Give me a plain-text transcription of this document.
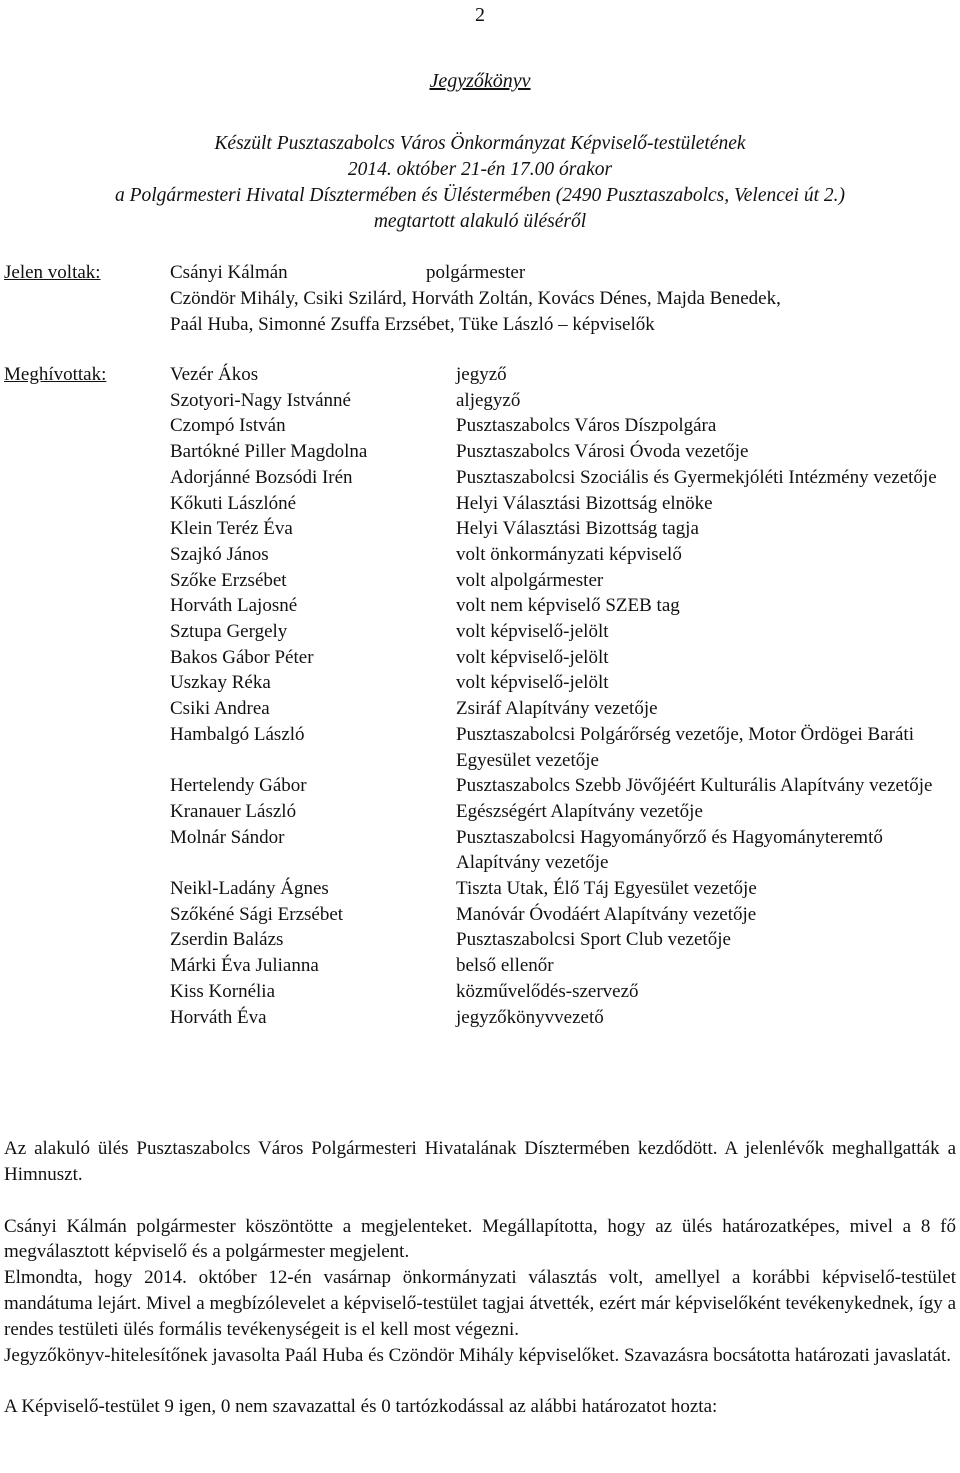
2
Jegyzőkönyv
Készült Pusztaszabolcs Város Önkormányzat Képviselő-testületének
2014. október 21-én 17.00 órakor
a Polgármesteri Hivatal Dísztermében és Üléstermében (2490 Pusztaszabolcs, Velencei út 2.)
megtartott alakuló üléséről
Jelen voltak:	Csányi Kálmán	polgármester
Czöndör Mihály, Csiki Szilárd, Horváth Zoltán, Kovács Dénes, Majda Benedek,
Paál Huba, Simonné Zsuffa Erzsébet, Tüke László – képviselők
Meghívottak:	Vezér Ákos	jegyző
Szotyori-Nagy Istvánné	aljegyző
Czompó István	Pusztaszabolcs Város Díszpolgára
Bartókné Piller Magdolna	Pusztaszabolcs Városi Óvoda vezetője
Adorjánné Bozsódi Irén	Pusztaszabolcsi Szociális és Gyermekjóléti Intézmény vezetője
Kőkuti Lászlóné	Helyi Választási Bizottság elnöke
Klein Teréz Éva	Helyi Választási Bizottság tagja
Szajkó János	volt önkormányzati képviselő
Szőke Erzsébet	volt alpolgármester
Horváth Lajosné	volt nem képviselő SZEB tag
Sztupa Gergely	volt képviselő-jelölt
Bakos Gábor Péter	volt képviselő-jelölt
Uszkay Réka	volt képviselő-jelölt
Csiki Andrea	Zsiráf Alapítvány vezetője
Hambalgó László	Pusztaszabolcsi Polgárőrség vezetője, Motor Ördögei Baráti Egyesület vezetője
Hertelendy Gábor	Pusztaszabolcs Szebb Jövőjéért Kulturális Alapítvány vezetője
Kranauer László	Egészségért Alapítvány vezetője
Molnár Sándor	Pusztaszabolcsi Hagyományőrző és Hagyományteremtő Alapítvány vezetője
Neikl-Ladány Ágnes	Tiszta Utak, Élő Táj Egyesület vezetője
Szőkéné Sági Erzsébet	Manóvár Óvodáért Alapítvány vezetője
Zserdin Balázs	Pusztaszabolcsi Sport Club vezetője
Márki Éva Julianna	belső ellenőr
Kiss Kornélia	közművelődés-szervező
Horváth Éva	jegyzőkönyvvezető

Az alakuló ülés Pusztaszabolcs Város Polgármesteri Hivatalának Dísztermében kezdődött. A jelenlévők meghallgatták a Himnuszt.

Csányi Kálmán polgármester köszöntötte a megjelenteket. Megállapította, hogy az ülés határozatképes, mivel a 8 fő megválasztott képviselő és a polgármester megjelent.

Elmondta, hogy 2014. október 12-én vasárnap önkormányzati választás volt, amellyel a korábbi képviselő-testület mandátuma lejárt. Mivel a megbízólevelet a képviselő-testület tagjai átvették, ezért már képviselőként tevékenykednek, így a rendes testületi ülés formális tevékenységeit is el kell most végezni.

Jegyzőkönyv-hitelesítőnek javasolta Paál Huba és Czöndör Mihály képviselőket. Szavazásra bocsátotta határozati javaslatát.

A Képviselő-testület 9 igen, 0 nem szavazattal és 0 tartózkodással az alábbi határozatot hozta:
